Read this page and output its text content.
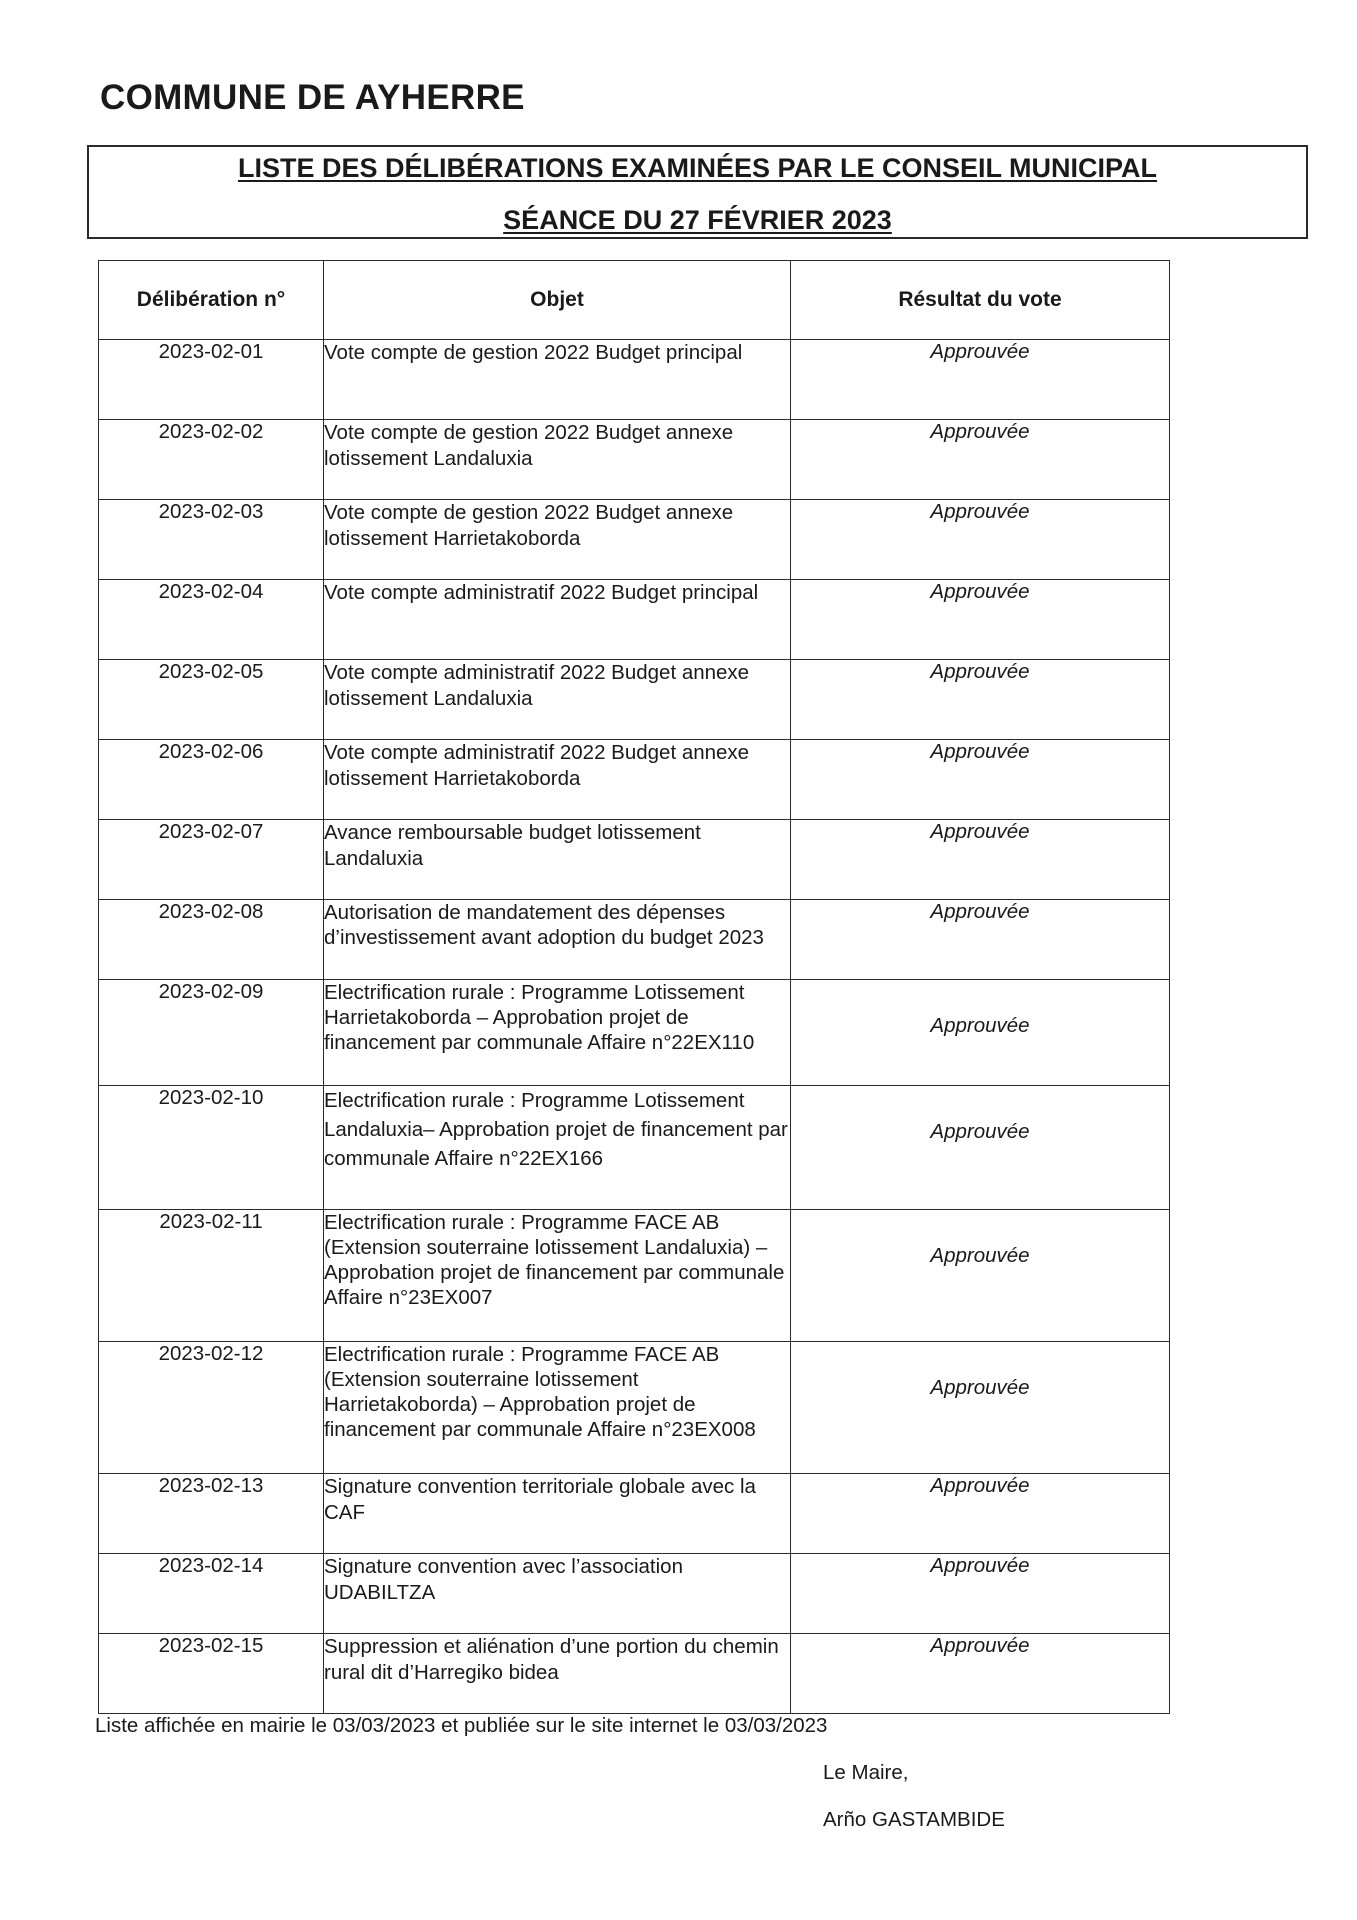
COMMUNE DE AYHERRE
LISTE DES DÉLIBÉRATIONS EXAMINÉES PAR LE CONSEIL MUNICIPAL
SÉANCE DU 27 FÉVRIER 2023
Délibération n°	Objet	Résultat du vote
2023-02-01	Vote compte de gestion 2022 Budget principal	Approuvée
2023-02-02	Vote compte de gestion 2022 Budget annexe lotissement Landaluxia	Approuvée
2023-02-03	Vote compte de gestion 2022 Budget annexe lotissement Harrietakoborda	Approuvée
2023-02-04	Vote compte administratif 2022 Budget principal	Approuvée
2023-02-05	Vote compte administratif 2022 Budget annexe lotissement Landaluxia	Approuvée
2023-02-06	Vote compte administratif 2022 Budget annexe lotissement Harrietakoborda	Approuvée
2023-02-07	Avance remboursable budget lotissement Landaluxia	Approuvée
2023-02-08	Autorisation de mandatement des dépenses d’investissement avant adoption du budget 2023	Approuvée
2023-02-09	Electrification rurale : Programme Lotissement Harrietakoborda – Approbation projet de financement par communale Affaire n°22EX110	Approuvée
2023-02-10	Electrification rurale : Programme Lotissement Landaluxia– Approbation projet de financement par communale Affaire n°22EX166	Approuvée
2023-02-11	Electrification rurale : Programme FACE AB (Extension souterraine lotissement Landaluxia) – Approbation projet de financement par communale Affaire n°23EX007	Approuvée
2023-02-12	Electrification rurale : Programme FACE AB (Extension souterraine lotissement Harrietakoborda) – Approbation projet de financement par communale Affaire n°23EX008	Approuvée
2023-02-13	Signature convention territoriale globale avec la CAF	Approuvée
2023-02-14	Signature convention avec l’association UDABILTZA	Approuvée
2023-02-15	Suppression et aliénation d’une portion du chemin rural dit d’Harregiko bidea	Approuvée

Liste affichée en mairie le 03/03/2023 et publiée sur le site internet le 03/03/2023

Le Maire,

Arño GASTAMBIDE
